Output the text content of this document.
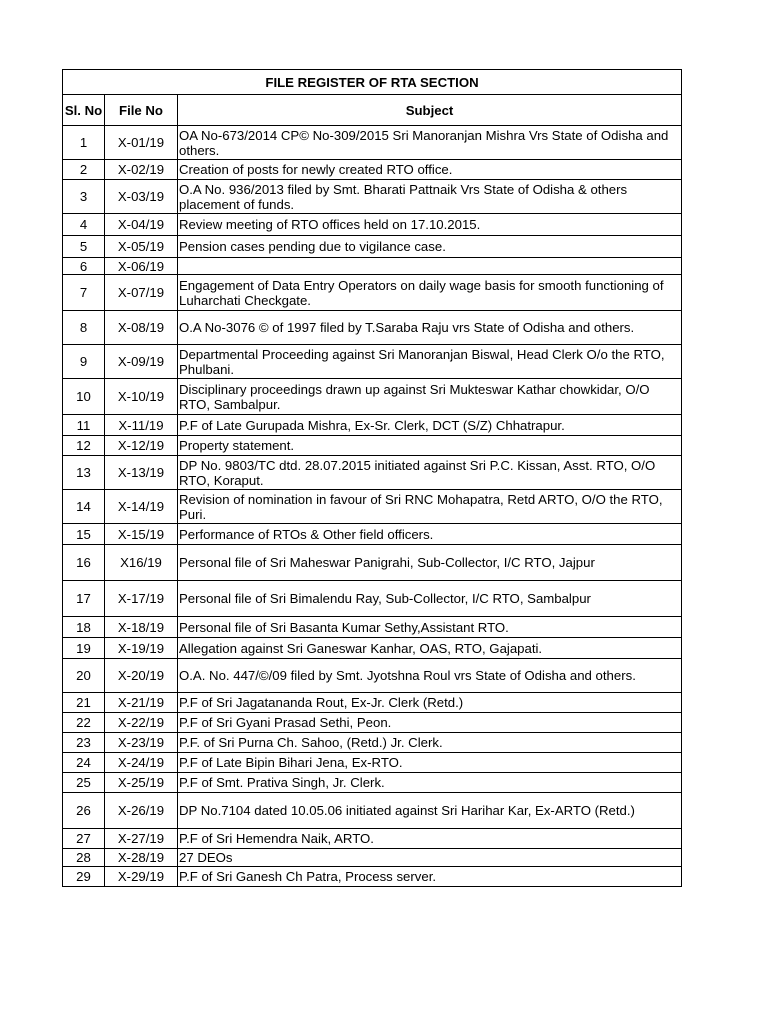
FILE REGISTER OF RTA SECTION		
Sl. No	File No	Subject
1	X-01/19	OA No-673/2014 CP© No-309/2015 Sri Manoranjan Mishra Vrs State of Odisha and others.
2	X-02/19	Creation of posts for newly created RTO office.
3	X-03/19	O.A No. 936/2013 filed by Smt. Bharati Pattnaik Vrs State of Odisha & others placement of funds.
4	X-04/19	Review meeting of RTO offices held on 17.10.2015.
5	X-05/19	Pension cases pending due to vigilance case.
6	X-06/19	
7	X-07/19	Engagement of Data Entry Operators on daily wage basis for smooth functioning of Luharchati Checkgate.
8	X-08/19	O.A No-3076 © of 1997 filed by T.Saraba Raju vrs State of Odisha and others.
9	X-09/19	Departmental Proceeding against Sri Manoranjan Biswal, Head Clerk O/o the RTO, Phulbani.
10	X-10/19	Disciplinary proceedings drawn up against Sri Mukteswar Kathar chowkidar, O/O RTO, Sambalpur.
11	X-11/19	P.F of Late Gurupada Mishra, Ex-Sr. Clerk, DCT (S/Z) Chhatrapur.
12	X-12/19	Property statement.
13	X-13/19	DP No. 9803/TC dtd. 28.07.2015 initiated against Sri P.C. Kissan, Asst. RTO, O/O RTO, Koraput.
14	X-14/19	Revision of nomination in favour of Sri RNC Mohapatra, Retd ARTO, O/O the RTO, Puri.
15	X-15/19	Performance of RTOs & Other field officers.
16	X16/19	Personal file of Sri Maheswar Panigrahi, Sub-Collector, I/C RTO, Jajpur
17	X-17/19	Personal file of Sri Bimalendu Ray, Sub-Collector, I/C RTO, Sambalpur
18	X-18/19	Personal file of Sri Basanta Kumar Sethy,Assistant RTO.
19	X-19/19	Allegation against Sri Ganeswar Kanhar, OAS, RTO, Gajapati.
20	X-20/19	O.A. No. 447/©/09 filed by Smt. Jyotshna Roul vrs State of Odisha and others.
21	X-21/19	P.F of Sri Jagatananda Rout, Ex-Jr. Clerk (Retd.)
22	X-22/19	P.F of Sri Gyani Prasad Sethi, Peon.
23	X-23/19	P.F. of Sri Purna Ch. Sahoo, (Retd.) Jr. Clerk.
24	X-24/19	P.F of Late Bipin Bihari Jena, Ex-RTO.
25	X-25/19	P.F of Smt. Prativa Singh, Jr. Clerk.
26	X-26/19	DP No.7104 dated 10.05.06 initiated against Sri Harihar Kar, Ex-ARTO (Retd.)
27	X-27/19	P.F of Sri Hemendra Naik, ARTO.
28	X-28/19	27 DEOs
29	X-29/19	P.F of Sri Ganesh Ch Patra, Process server.
